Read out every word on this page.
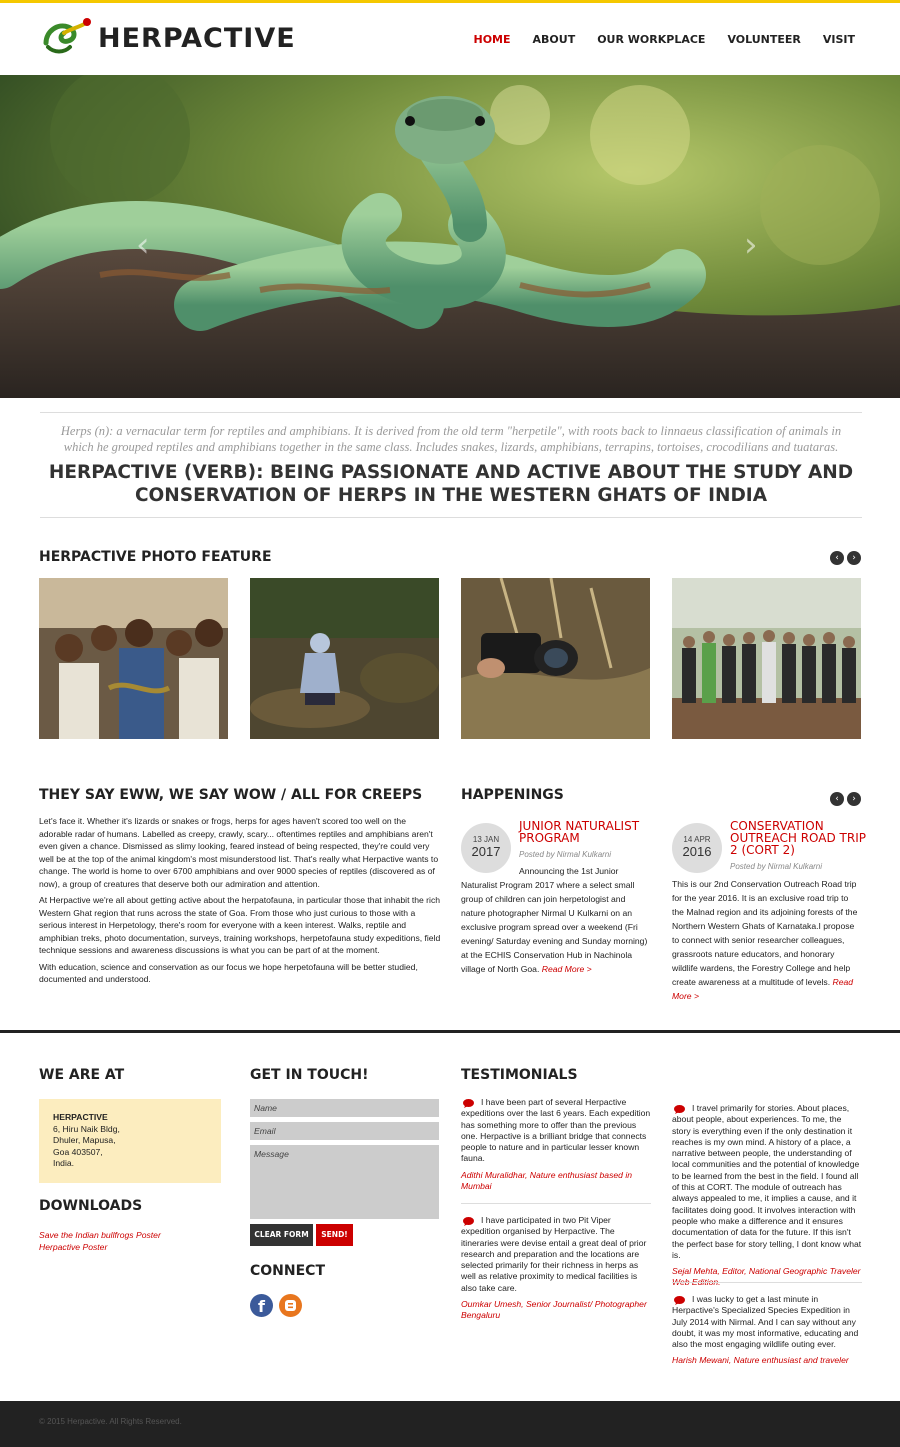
HERPACTIVE	HOME ABOUT OUR WORKPLACE VOLUNTEER VISIT
‹	›
Herps (n): a vernacular term for reptiles and amphibians. It is derived from the old term "herpetile", with roots back to linnaeus classification of animals in which he grouped reptiles and amphibians together in the same class. Includes snakes, lizards, amphibians, terrapins, tortoises, crocodilians and tuataras.
HERPACTIVE (VERB): BEING PASSIONATE AND ACTIVE ABOUT THE STUDY AND CONSERVATION OF HERPS IN THE WESTERN GHATS OF INDIA
HERPACTIVE PHOTO FEATURE	‹	›
THEY SAY EWW, WE SAY WOW / ALL FOR CREEPS

Let's face it. Whether it's lizards or snakes or frogs, herps for ages haven't scored too well on the adorable radar of humans. Labelled as creepy, crawly, scary... oftentimes reptiles and amphibians aren't even given a chance. Dismissed as slimy looking, feared instead of being respected, they're could very well be at the top of the animal kingdom's most misunderstood list. That's really what Herpactive wants to change. The world is home to over 6700 amphibians and over 9000 species of reptiles (discovered as of now), a group of creatures that deserve both our admiration and attention.

At Herpactive we're all about getting active about the herpatofauna, in particular those that inhabit the rich Western Ghat region that runs across the state of Goa. From those who just curious to those with a serious interest in Herpetology, there's room for everyone with a keen interest. Walks, reptile and amphibian treks, photo documentation, surveys, training workshops, herpetofauna study expeditions, field technique sessions and awareness discussions is what you can be part of at the moment.

With education, science and conservation as our focus we hope herpetofauna will be better studied, documented and understood.

HAPPENINGS	‹	›
13 JAN
2017
JUNIOR NATURALIST PROGRAM
Posted by Nirmal Kulkarni
Announcing the 1st Junior Naturalist Program 2017 where a select small group of children can join herpetologist and nature photographer Nirmal U Kulkarni on an exclusive program spread over a weekend (Fri evening/ Saturday evening and Sunday morning) at the ECHIS Conservation Hub in Nachinola village of North Goa. Read More >
14 APR
2016
CONSERVATION OUTREACH ROAD TRIP 2 (CORT 2)
Posted by Nirmal Kulkarni
This is our 2nd Conservation Outreach Road trip for the year 2016. It is an exclusive road trip to the Malnad region and its adjoining forests of the Northern Western Ghats of Karnataka.I propose to connect with senior researcher colleagues, grassroots nature educators, and honorary wildlife wardens, the Forestry College and help create awareness at a multitude of levels. Read More >
WE ARE AT
HERPACTIVE
6, Hiru Naik Bldg,
Dhuler, Mapusa,
Goa 403507,
India.
DOWNLOADS
Save the Indian bullfrogs Poster
Herpactive Poster
GET IN TOUCH!
Name
Email
Message
CLEAR FORM	SEND!
CONNECT
f
TESTIMONIALS
I have been part of several Herpactive expeditions over the last 6 years. Each expedition has something more to offer than the previous one. Herpactive is a brilliant bridge that connects people to nature and in particular lesser known fauna.
Adithi Muralidhar, Nature enthusiast based in Mumbai
I have participated in two Pit Viper expedition organised by Herpactive. The itineraries were devise entail a great deal of prior research and preparation and the locations are selected primarily for their richness in herps as well as relative proximity to medical facilities is also take care.
Oumkar Umesh, Senior Journalist/ Photographer Bengaluru
I travel primarily for stories. About places, about people, about experiences. To me, the story is everything even if the only destination it reaches is my own mind. A history of a place, a narrative between people, the understanding of local communities and the potential of knowledge to be learned from the best in the field. I found all of this at CORT. The module of outreach has always appealed to me, it implies a cause, and it facilitates doing good. It involves interaction with people who make a difference and it ensures documentation of data for the future. If this isn't the perfect base for story telling, I dont know what is.
Sejal Mehta, Editor, National Geographic Traveler
I was lucky to get a last minute in Herpactive's Specialized Species Expedition in July 2014 with Nirmal. And I can say without any doubt, it was my most informative, educating and also the most engaging wildlife outing ever.
Harish Mewani, Nature enthusiast and traveler
© 2015 Herpactive. All Rights Reserved.
